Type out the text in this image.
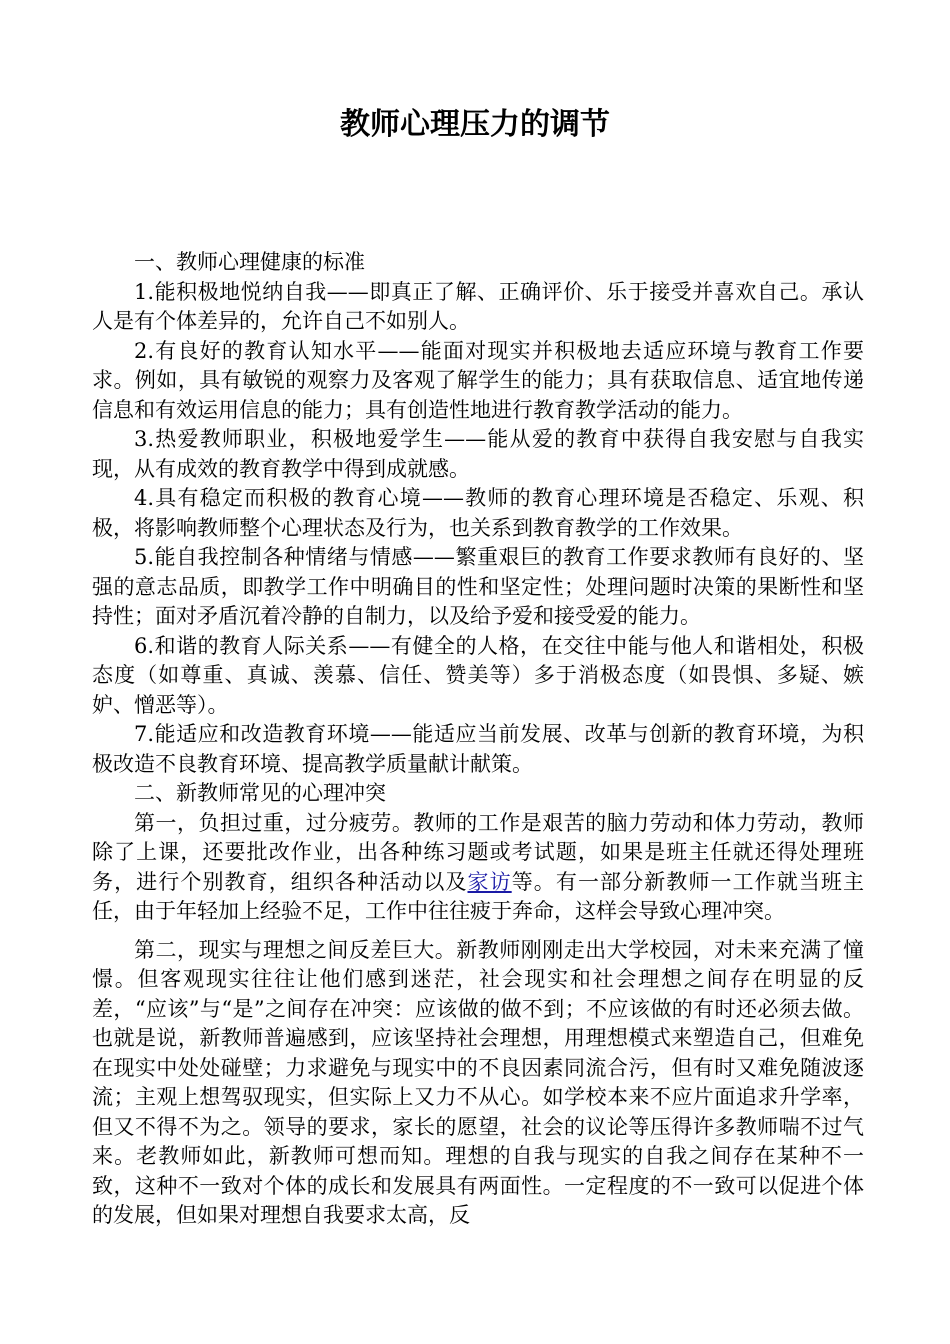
教师心理压力的调节

一、教师心理健康的标准

1.能积极地悦纳自我——即真正了解、正确评价、乐于接受并喜欢自己。承认人是有个体差异的，允许自己不如别人。

2.有良好的教育认知水平——能面对现实并积极地去适应环境与教育工作要求。例如，具有敏锐的观察力及客观了解学生的能力；具有获取信息、适宜地传递信息和有效运用信息的能力；具有创造性地进行教育教学活动的能力。

3.热爱教师职业，积极地爱学生——能从爱的教育中获得自我安慰与自我实现，从有成效的教育教学中得到成就感。

4.具有稳定而积极的教育心境——教师的教育心理环境是否稳定、乐观、积极，将影响教师整个心理状态及行为，也关系到教育教学的工作效果。

5.能自我控制各种情绪与情感——繁重艰巨的教育工作要求教师有良好的、坚强的意志品质，即教学工作中明确目的性和坚定性；处理问题时决策的果断性和坚持性；面对矛盾沉着冷静的自制力，以及给予爱和接受爱的能力。

6.和谐的教育人际关系——有健全的人格，在交往中能与他人和谐相处，积极态度（如尊重、真诚、羡慕、信任、赞美等）多于消极态度（如畏惧、多疑、嫉妒、憎恶等）。

7.能适应和改造教育环境——能适应当前发展、改革与创新的教育环境，为积极改造不良教育环境、提高教学质量献计献策。

二、新教师常见的心理冲突

第一，负担过重，过分疲劳。教师的工作是艰苦的脑力劳动和体力劳动，教师除了上课，还要批改作业，出各种练习题或考试题，如果是班主任就还得处理班务，进行个别教育，组织各种活动以及家访等。有一部分新教师一工作就当班主任，由于年轻加上经验不足，工作中往往疲于奔命，这样会导致心理冲突。

第二，现实与理想之间反差巨大。新教师刚刚走出大学校园，对未来充满了憧憬。但客观现实往往让他们感到迷茫，社会现实和社会理想之间存在明显的反差，“应该”与“是”之间存在冲突：应该做的做不到；不应该做的有时还必须去做。也就是说，新教师普遍感到，应该坚持社会理想，用理想模式来塑造自己，但难免在现实中处处碰壁；力求避免与现实中的不良因素同流合污，但有时又难免随波逐流；主观上想驾驭现实，但实际上又力不从心。如学校本来不应片面追求升学率，但又不得不为之。领导的要求，家长的愿望，社会的议论等压得许多教师喘不过气来。老教师如此，新教师可想而知。理想的自我与现实的自我之间存在某种不一致，这种不一致对个体的成长和发展具有两面性。一定程度的不一致可以促进个体的发展，但如果对理想自我要求太高，反
